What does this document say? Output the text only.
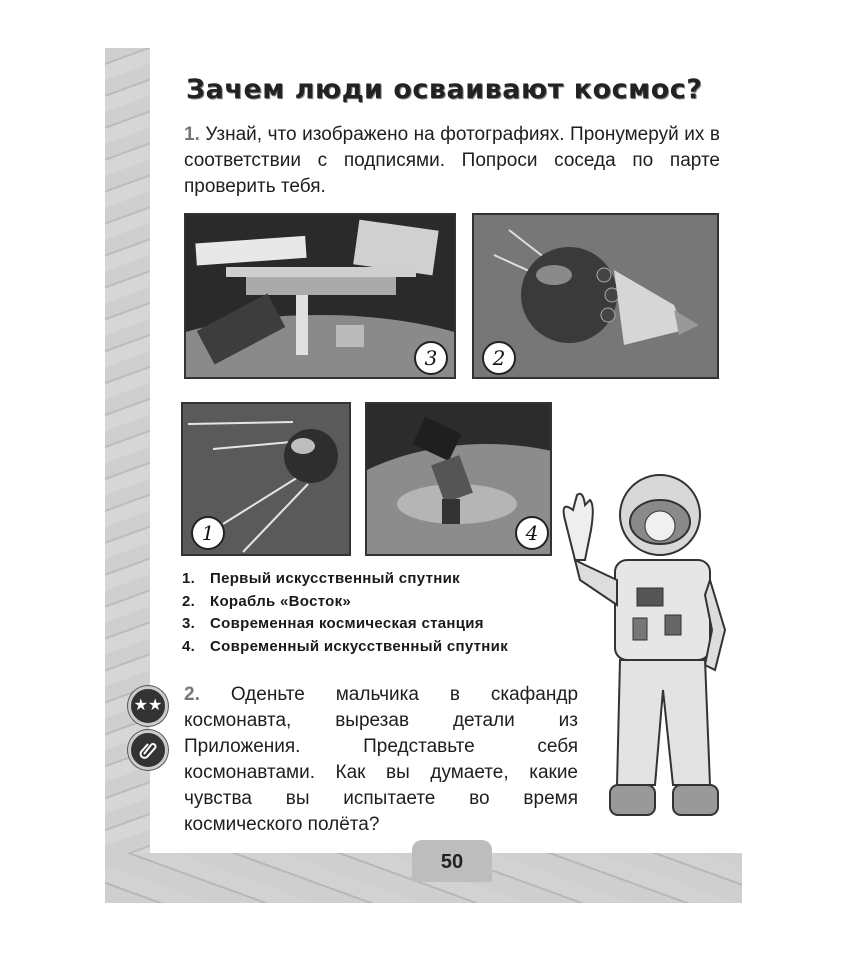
Зачем люди осваивают космос?
1. Узнай, что изображено на фотографиях. Пронумеруй их в соответствии с подписями. Попроси соседа по парте проверить тебя.
3	2
1	4
1. Первый искусственный спутник
2. Корабль «Восток»
3. Современная космическая станция
4. Современный искусственный спутник
★★
2. Оденьте мальчика в скафандр космонавта, вырезав детали из Приложения. Представьте себя космонавтами. Как вы думаете, какие чувства вы испытаете во время космического полёта?
50
